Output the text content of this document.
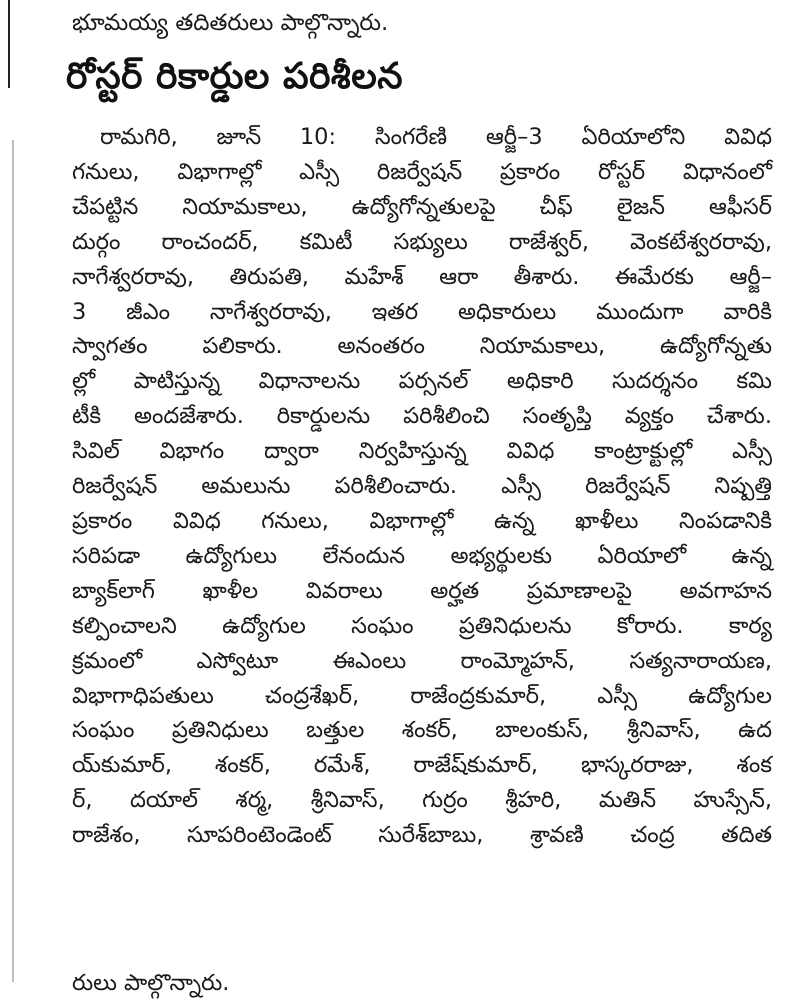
భూమయ్య తదితరులు పాల్గొన్నారు.
రోస్టర్ రికార్డుల పరిశీలన
రామగిరి, జూన్ 10: సింగరేణి ఆర్జీ–3 ఏరియాలోని వివిధ
గనులు, విభాగాల్లో ఎస్సీ రిజర్వేషన్ ప్రకారం రోస్టర్ విధానంలో
చేపట్టిన నియామకాలు, ఉద్యోగోన్నతులపై చీఫ్ లైజన్ ఆఫీసర్
దుర్గం రాంచందర్, కమిటీ సభ్యులు రాజేశ్వర్, వెంకటేశ్వరరావు,
నాగేశ్వరరావు, తిరుపతి, మహేశ్ ఆరా తీశారు. ఈమేరకు ఆర్జీ–
3 జీఎం నాగేశ్వరరావు, ఇతర అధికారులు ముందుగా వారికి
స్వాగతం పలికారు. అనంతరం నియామకాలు, ఉద్యోగోన్నతు
ల్లో పాటిస్తున్న విధానాలను పర్సనల్ అధికారి సుదర్శనం కమి
టీకి అందజేశారు. రికార్డులను పరిశీలించి సంతృప్తి వ్యక్తం చేశారు.
సివిల్ విభాగం ద్వారా నిర్వహిస్తున్న వివిధ కాంట్రాక్టుల్లో ఎస్సీ
రిజర్వేషన్ అమలును పరిశీలించారు. ఎస్సీ రిజర్వేషన్ నిష్పత్తి
ప్రకారం వివిధ గనులు, విభాగాల్లో ఉన్న ఖాళీలు నింపడానికి
సరిపడా ఉద్యోగులు లేనందున అభ్యర్థులకు ఏరియాలో ఉన్న
బ్యాక్‌లాగ్ ఖాళీల వివరాలు అర్హత ప్రమాణాలపై అవగాహన
కల్పించాలని ఉద్యోగుల సంఘం ప్రతినిధులను కోరారు. కార్య
క్రమంలో ఎస్వోటూ ఈఎంలు రాంమ్మోహన్, సత్యనారాయణ,
విభాగాధిపతులు చంద్రశేఖర్, రాజేంద్రకుమార్, ఎస్సీ ఉద్యోగుల
సంఘం ప్రతినిధులు బత్తుల శంకర్, బాలంకుస్, శ్రీనివాస్, ఉద
య్‌కుమార్, శంకర్, రమేశ్, రాజేష్‌కుమార్, భాస్కరరాజు, శంక
ర్, దయాల్ శర్మ, శ్రీనివాస్, గుర్రం శ్రీహరి, మతిన్ హుస్సేన్,
రాజేశం, సూపరింటెండెంట్ సురేశ్‌బాబు, శ్రావణి చంద్ర తదిత
రులు పాల్గొన్నారు.
